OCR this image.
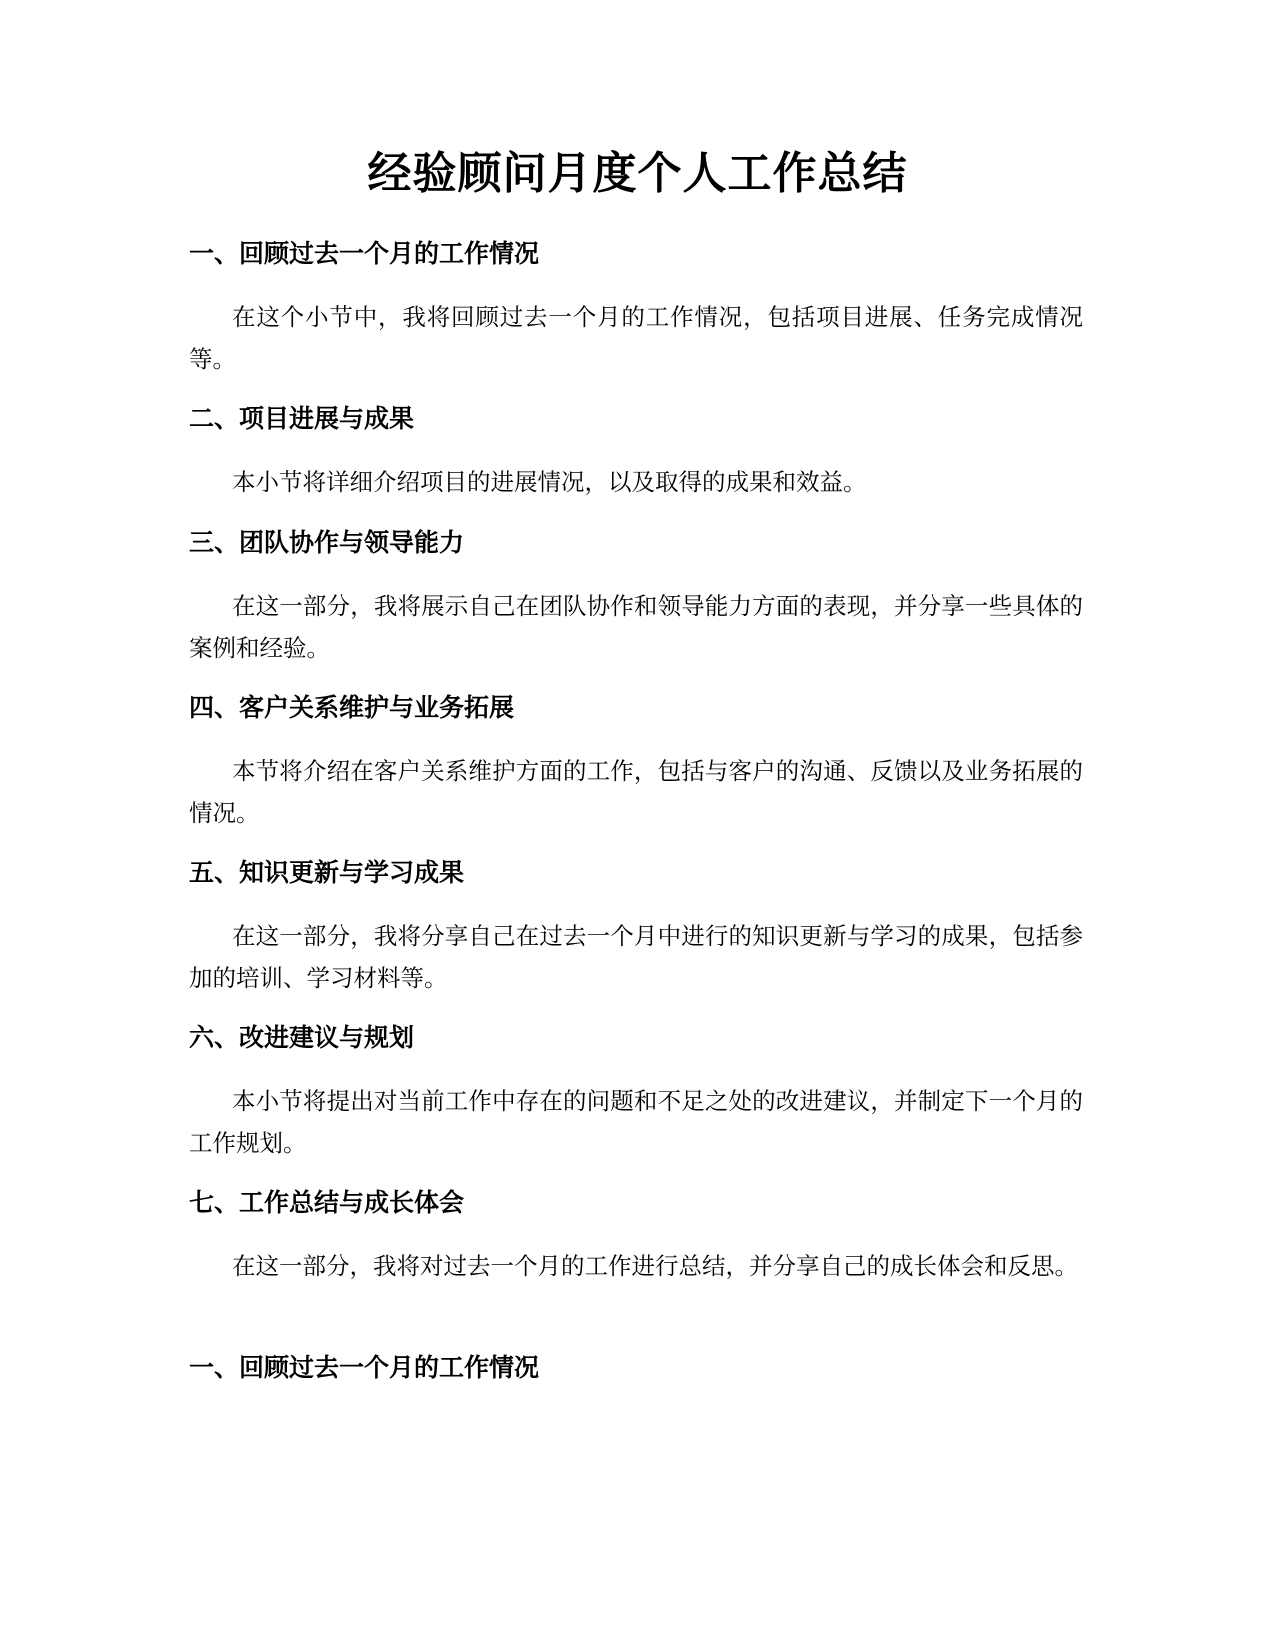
经验顾问月度个人工作总结
一、回顾过去一个月的工作情况

在这个小节中，我将回顾过去一个月的工作情况，包括项目进展、任务完成情况等。

二、项目进展与成果

本小节将详细介绍项目的进展情况，以及取得的成果和效益。

三、团队协作与领导能力

在这一部分，我将展示自己在团队协作和领导能力方面的表现，并分享一些具体的案例和经验。

四、客户关系维护与业务拓展

本节将介绍在客户关系维护方面的工作，包括与客户的沟通、反馈以及业务拓展的情况。

五、知识更新与学习成果

在这一部分，我将分享自己在过去一个月中进行的知识更新与学习的成果，包括参加的培训、学习材料等。

六、改进建议与规划

本小节将提出对当前工作中存在的问题和不足之处的改进建议，并制定下一个月的工作规划。

七、工作总结与成长体会

在这一部分，我将对过去一个月的工作进行总结，并分享自己的成长体会和反思。

一、回顾过去一个月的工作情况
